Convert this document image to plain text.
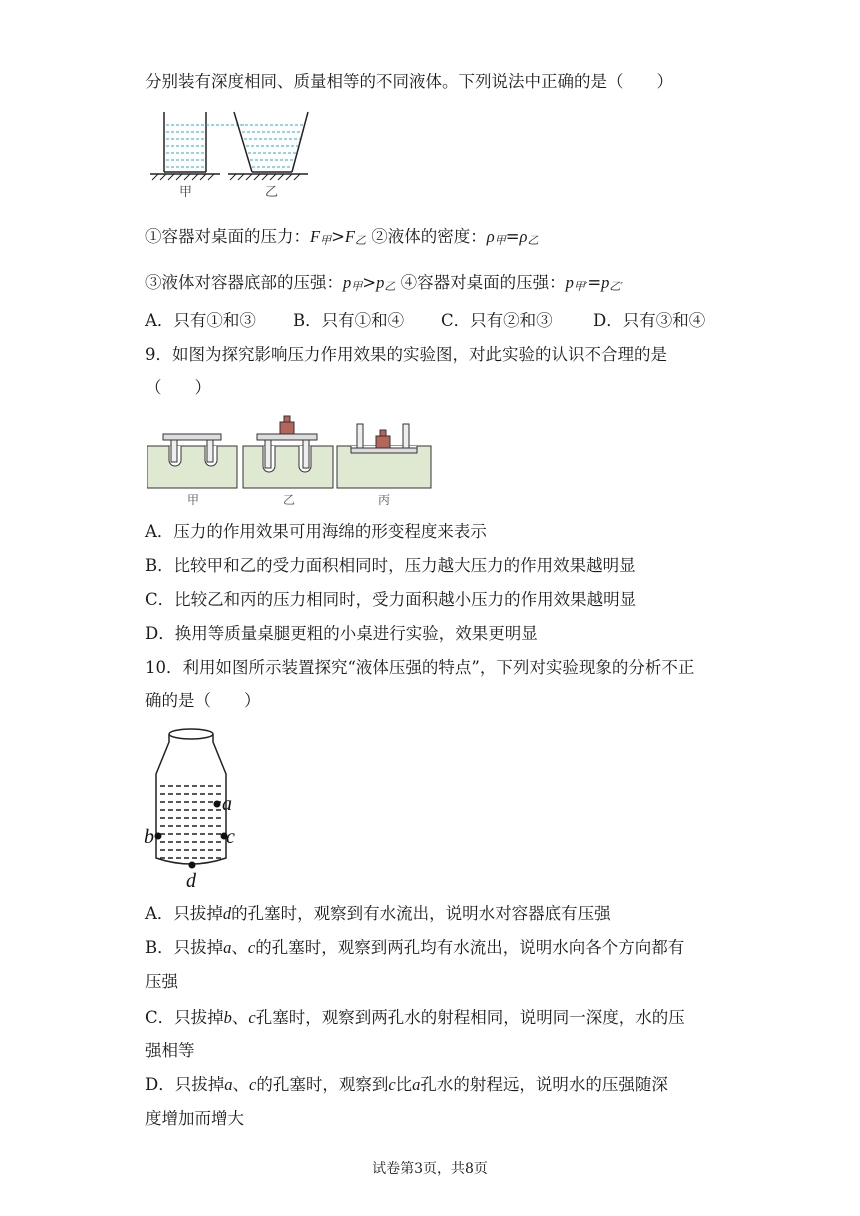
分别装有深度相同、质量相等的不同液体。下列说法中正确的是（　　）
甲	乙
①容器对桌面的压力：F甲>F乙 ②液体的密度：ρ甲=ρ乙
③液体对容器底部的压强：p甲>p乙 ④容器对桌面的压强：p甲′=p乙′
A．只有①和③ B．只有①和④ C．只有②和③ D．只有③和④
9．如图为探究影响压力作用效果的实验图，对此实验的认识不合理的是
（　　）
甲	乙	丙
A．压力的作用效果可用海绵的形变程度来表示
B．比较甲和乙的受力面积相同时，压力越大压力的作用效果越明显
C．比较乙和丙的压力相同时，受力面积越小压力的作用效果越明显
D．换用等质量桌腿更粗的小桌进行实验，效果更明显
10．利用如图所示装置探究“液体压强的特点”，下列对实验现象的分析不正
确的是（　　）
a
b	c
d
A．只拔掉d的孔塞时，观察到有水流出，说明水对容器底有压强
B．只拔掉a、c的孔塞时，观察到两孔均有水流出，说明水向各个方向都有
压强
C．只拔掉b、c孔塞时，观察到两孔水的射程相同，说明同一深度，水的压
强相等
D．只拔掉a、c的孔塞时，观察到c比a孔水的射程远，说明水的压强随深
度增加而增大
试卷第3页，共8页
